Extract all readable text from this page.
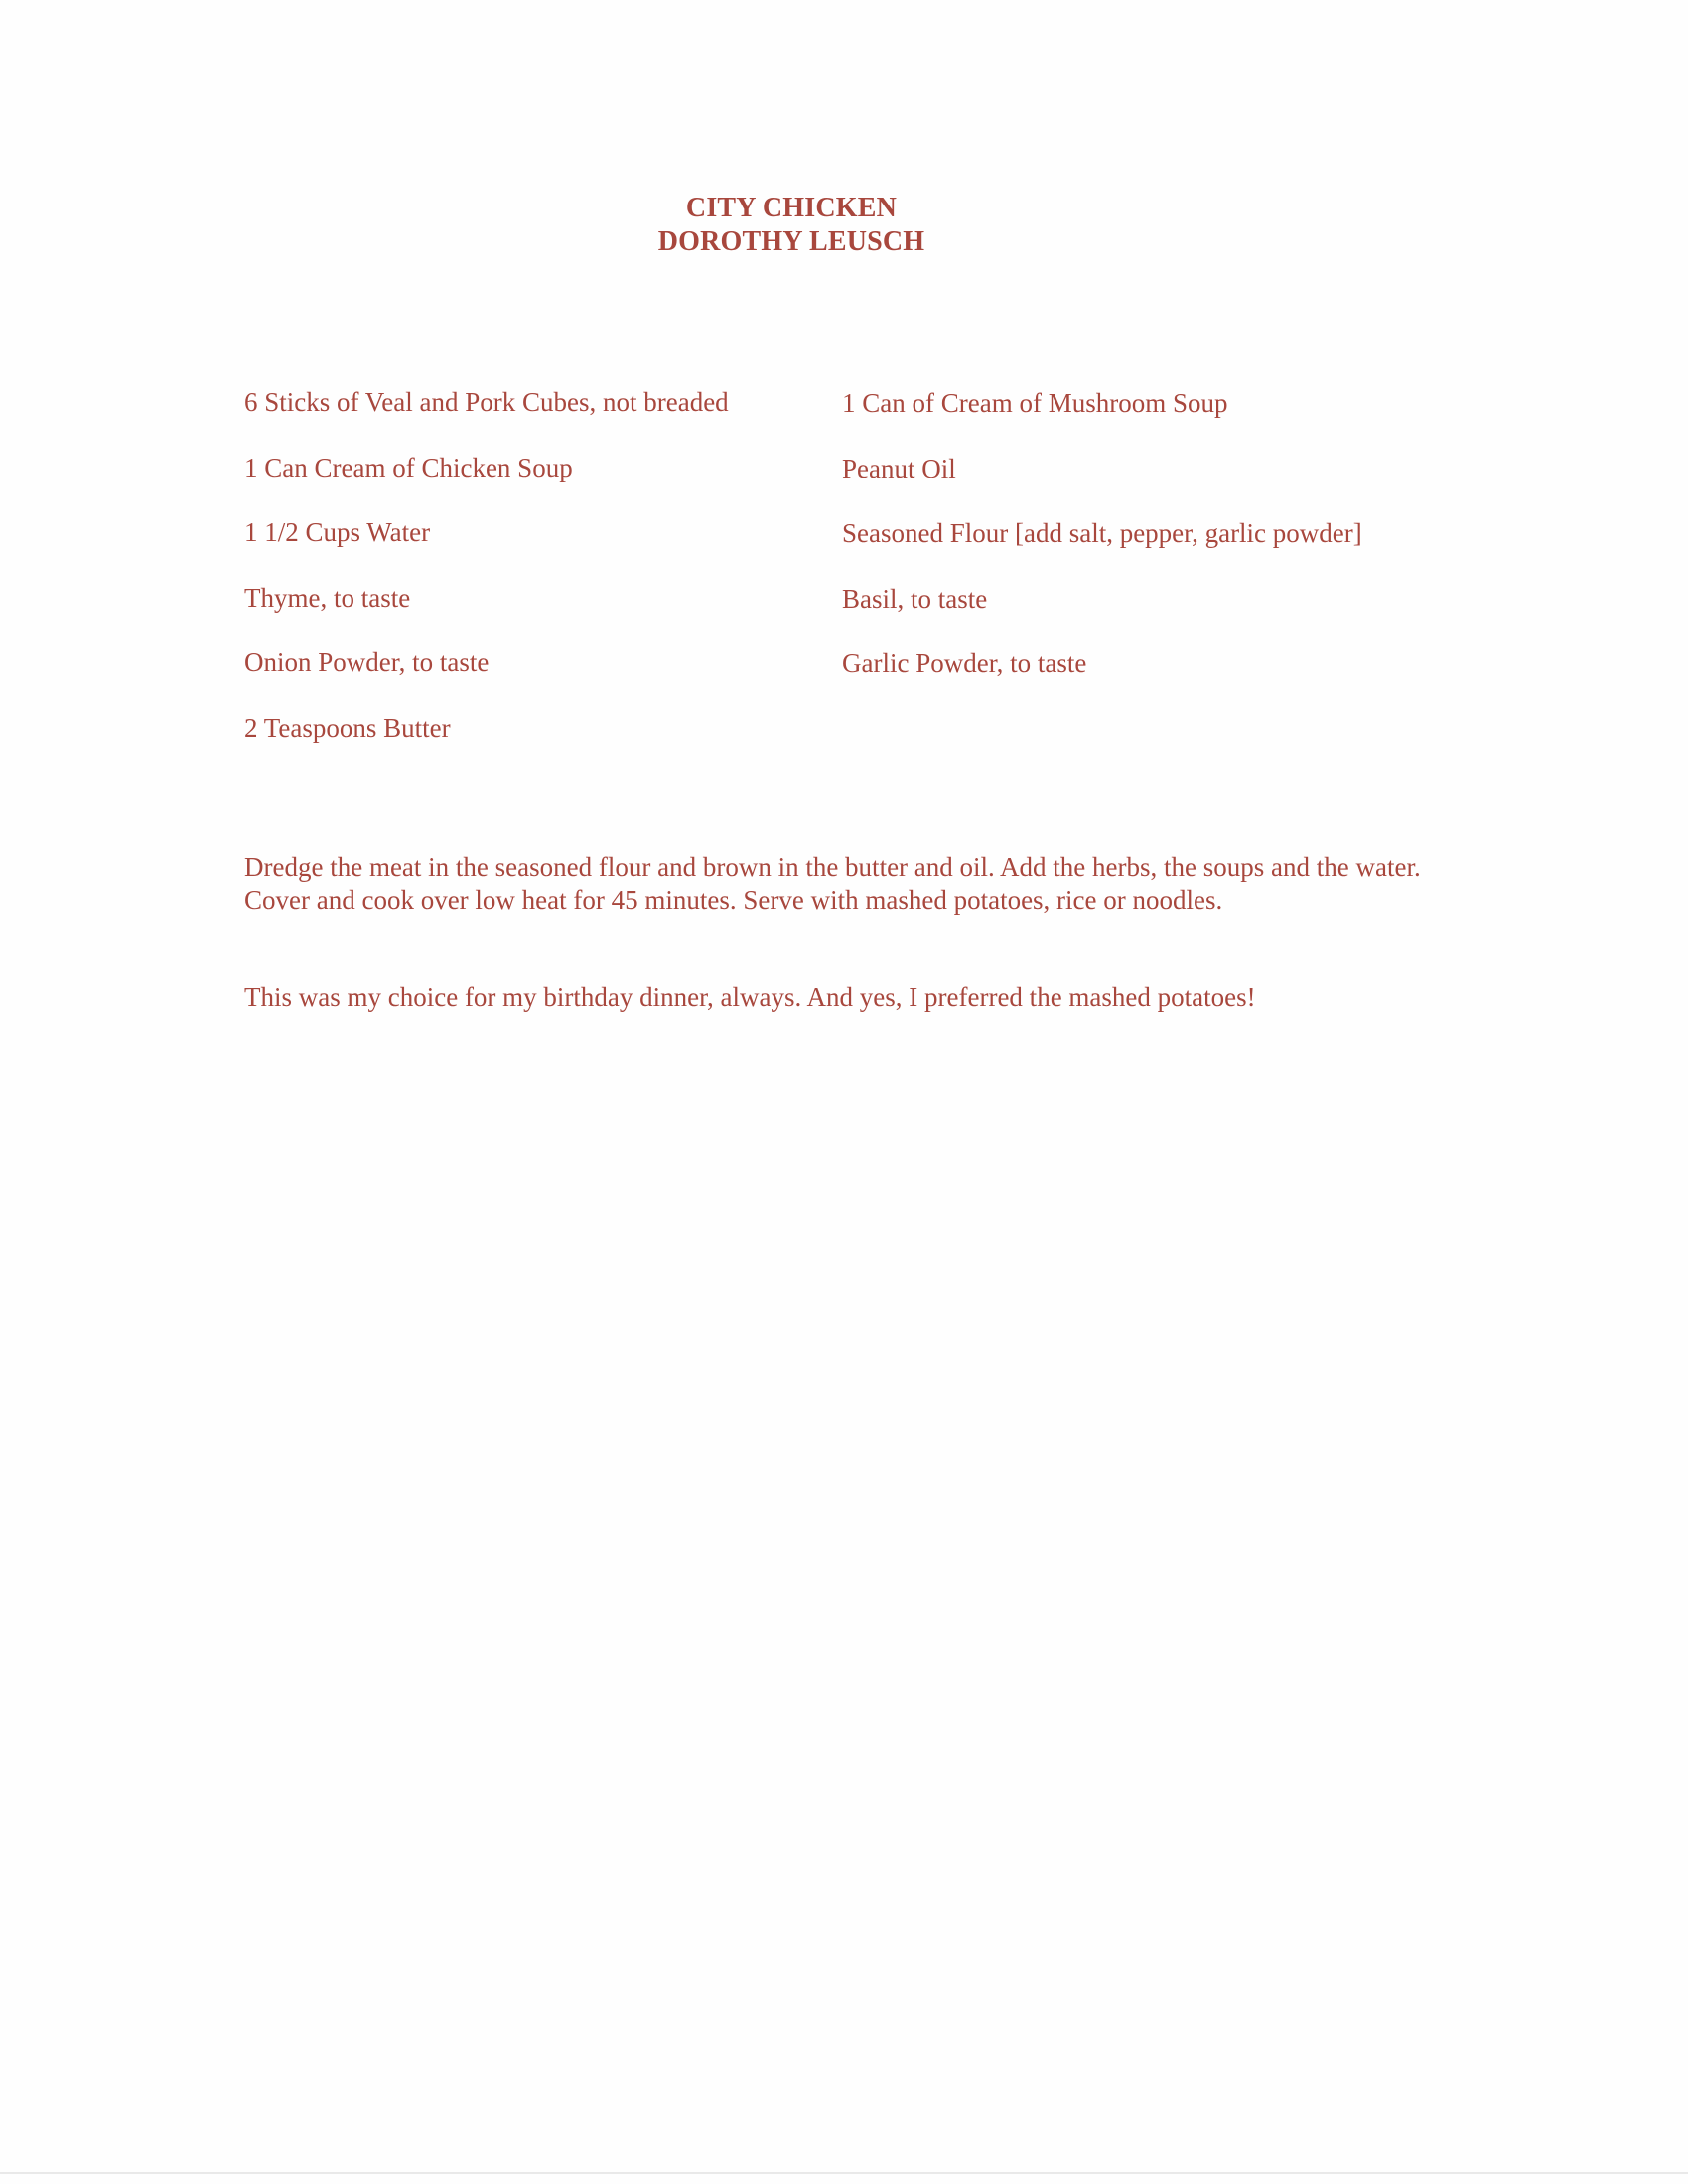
CITY CHICKEN
DOROTHY LEUSCH
6 Sticks of Veal and Pork Cubes, not breaded
1 Can Cream of Chicken Soup
1 1/2 Cups Water
Thyme, to taste
Onion Powder, to taste
2 Teaspoons Butter
1 Can of Cream of Mushroom Soup
Peanut Oil
Seasoned Flour [add salt, pepper, garlic powder]
Basil, to taste
Garlic Powder, to taste
Dredge the meat in the seasoned flour and brown in the butter and oil. Add the herbs, the soups and the water. Cover and cook over low heat for 45 minutes. Serve with mashed potatoes, rice or noodles.
This was my choice for my birthday dinner, always. And yes, I preferred the mashed potatoes!
